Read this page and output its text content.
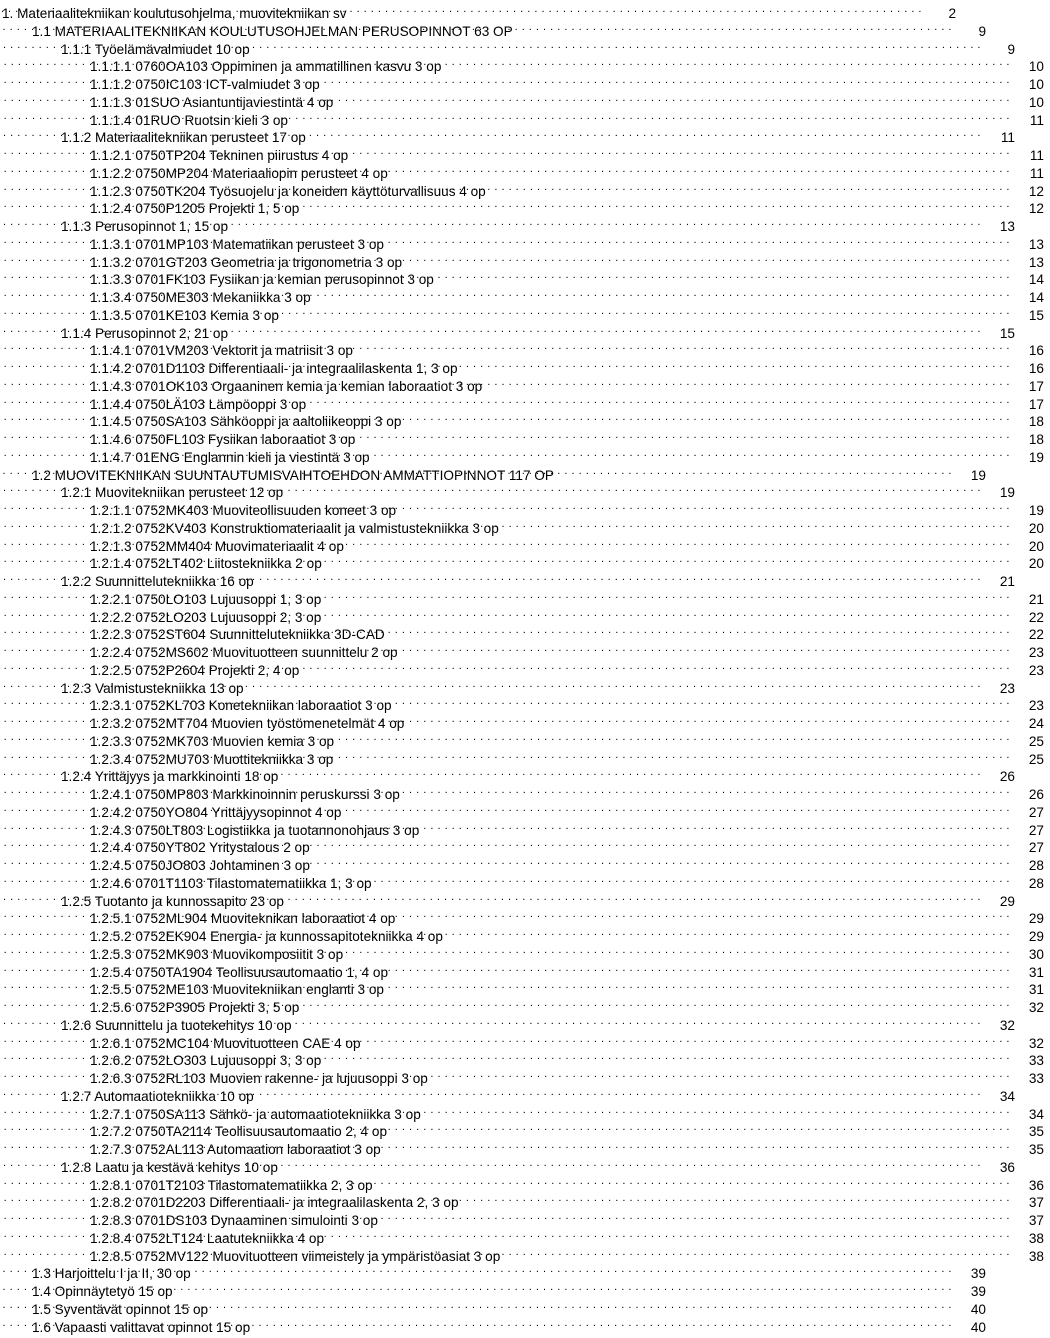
1. Materiaalitekniikan koulutusohjelma, muovitekniikan sv . . .	2
1.1 MATERIAALITEKNIIKAN KOULUTUSOHJELMAN PERUSOPINNOT 63 OP . . .	9
1.1.1 Työelämävalmiudet 10 op . . .	9
1.1.1.1 0760OA103 Oppiminen ja ammatillinen kasvu 3 op . . .	10
1.1.1.2 0750IC103 ICT-valmiudet 3 op . . .	10
1.1.1.3 01SUO Asiantuntijaviestintä 4 op . . .	10
1.1.1.4 01RUO Ruotsin kieli 3 op . . .	11
1.1.2 Materiaalitekniikan perusteet 17 op . . .	11
1.1.2.1 0750TP204 Tekninen piirustus 4 op . . .	11
1.1.2.2 0750MP204 Materiaaliopin perusteet 4 op . . .	11
1.1.2.3 0750TK204 Työsuojelu ja koneiden käyttöturvallisuus 4 op . . .	12
1.1.2.4 0750P1205 Projekti 1, 5 op . . .	12
1.1.3 Perusopinnot 1, 15 op . . .	13
1.1.3.1 0701MP103 Matematiikan perusteet 3 op . . .	13
1.1.3.2 0701GT203 Geometria ja trigonometria 3 op . . .	13
1.1.3.3 0701FK103 Fysiikan ja kemian perusopinnot 3 op . . .	14
1.1.3.4 0750ME303 Mekaniikka 3 op . . .	14
1.1.3.5 0701KE103 Kemia 3 op . . .	15
1.1.4 Perusopinnot 2, 21 op . . .	15
1.1.4.1 0701VM203 Vektorit ja matriisit 3 op . . .	16
1.1.4.2 0701D1103 Differentiaali- ja integraalilaskenta 1, 3 op . . .	16
1.1.4.3 0701OK103 Orgaaninen kemia ja kemian laboraatiot 3 op . . .	17
1.1.4.4 0750LÄ103 Lämpöoppi 3 op . . .	17
1.1.4.5 0750SA103 Sähköoppi ja aaltoliikeoppi 3 op . . .	18
1.1.4.6 0750FL103 Fysiikan laboraatiot 3 op . . .	18
1.1.4.7 01ENG Englannin kieli ja viestintä 3 op . . .	19
1.2 MUOVITEKNIIKAN SUUNTAUTUMISVAIHTOEHDON AMMATTIOPINNOT 117 OP . . .	19
1.2.1 Muovitekniikan perusteet 12 op . . .	19
1.2.1.1 0752MK403 Muoviteollisuuden koneet 3 op . . .	19
1.2.1.2 0752KV403 Konstruktiomateriaalit ja valmistustekniikka 3 op . . .	20
1.2.1.3 0752MM404 Muovimateriaalit 4 op . . .	20
1.2.1.4 0752LT402 Liitostekniikka 2 op . . .	20
1.2.2 Suunnittelutekniikka 16 op . . .	21
1.2.2.1 0750LO103 Lujuusoppi 1, 3 op . . .	21
1.2.2.2 0752LO203 Lujuusoppi 2, 3 op . . .	22
1.2.2.3 0752ST604 Suunnittelutekniikka 3D-CAD . . .	22
1.2.2.4 0752MS602 Muovituotteen suunnittelu 2 op . . .	23
1.2.2.5 0752P2604 Projekti 2, 4 op . . .	23
1.2.3 Valmistustekniikka 13 op . . .	23
1.2.3.1 0752KL703 Konetekniikan laboraatiot 3 op . . .	23
1.2.3.2 0752MT704 Muovien työstömenetelmät 4 op . . .	24
1.2.3.3 0752MK703 Muovien kemia 3 op . . .	25
1.2.3.4 0752MU703 Muottitekniikka 3 op . . .	25
1.2.4 Yrittäjyys ja markkinointi 18 op . . .	26
1.2.4.1 0750MP803 Markkinoinnin peruskurssi 3 op . . .	26
1.2.4.2 0750YO804 Yrittäjyysopinnot 4 op . . .	27
1.2.4.3 0750LT803 Logistiikka ja tuotannonohjaus 3 op . . .	27
1.2.4.4 0750YT802 Yritystalous 2 op . . .	27
1.2.4.5 0750JO803 Johtaminen 3 op . . .	28
1.2.4.6 0701T1103 Tilastomatematiikka 1, 3 op . . .	28
1.2.5 Tuotanto ja kunnossapito 23 op . . .	29
1.2.5.1 0752ML904 Muoviteknikan laboraatiot 4 op . . .	29
1.2.5.2 0752EK904 Energia- ja kunnossapitotekniikka 4 op . . .	29
1.2.5.3 0752MK903 Muovikomposiitit 3 op . . .	30
1.2.5.4 0750TA1904 Teollisuusautomaatio 1, 4 op . . .	31
1.2.5.5 0752ME103 Muovitekniikan englanti 3 op . . .	31
1.2.5.6 0752P3905 Projekti 3, 5 op . . .	32
1.2.6 Suunnittelu ja tuotekehitys 10 op . . .	32
1.2.6.1 0752MC104 Muovituotteen CAE 4 op . . .	32
1.2.6.2 0752LO303 Lujuusoppi 3, 3 op . . .	33
1.2.6.3 0752RL103 Muovien rakenne- ja lujuusoppi 3 op . . .	33
1.2.7 Automaatiotekniikka 10 op . . .	34
1.2.7.1 0750SA113 Sähkö- ja automaatiotekniikka 3 op . . .	34
1.2.7.2 0750TA2114 Teollisuusautomaatio 2, 4 op . . .	35
1.2.7.3 0752AL113 Automaation laboraatiot 3 op . . .	35
1.2.8 Laatu ja kestävä kehitys 10 op . . .	36
1.2.8.1 0701T2103 Tilastomatematiikka 2, 3 op . . .	36
1.2.8.2 0701D2203 Differentiaali- ja integraalilaskenta 2, 3 op . . .	37
1.2.8.3 0701DS103 Dynaaminen simulointi 3 op . . .	37
1.2.8.4 0752LT124 Laatutekniikka 4 op . . .	38
1.2.8.5 0752MV122 Muovituotteen viimeistely ja ympäristöasiat 3 op . . .	38
1.3 Harjoittelu I ja II, 30 op . . .	39
1.4 Opinnäytetyö 15 op . . .	39
1.5 Syventävät opinnot 15 op . . .	40
1.6 Vapaasti valittavat opinnot 15 op . . .	40
